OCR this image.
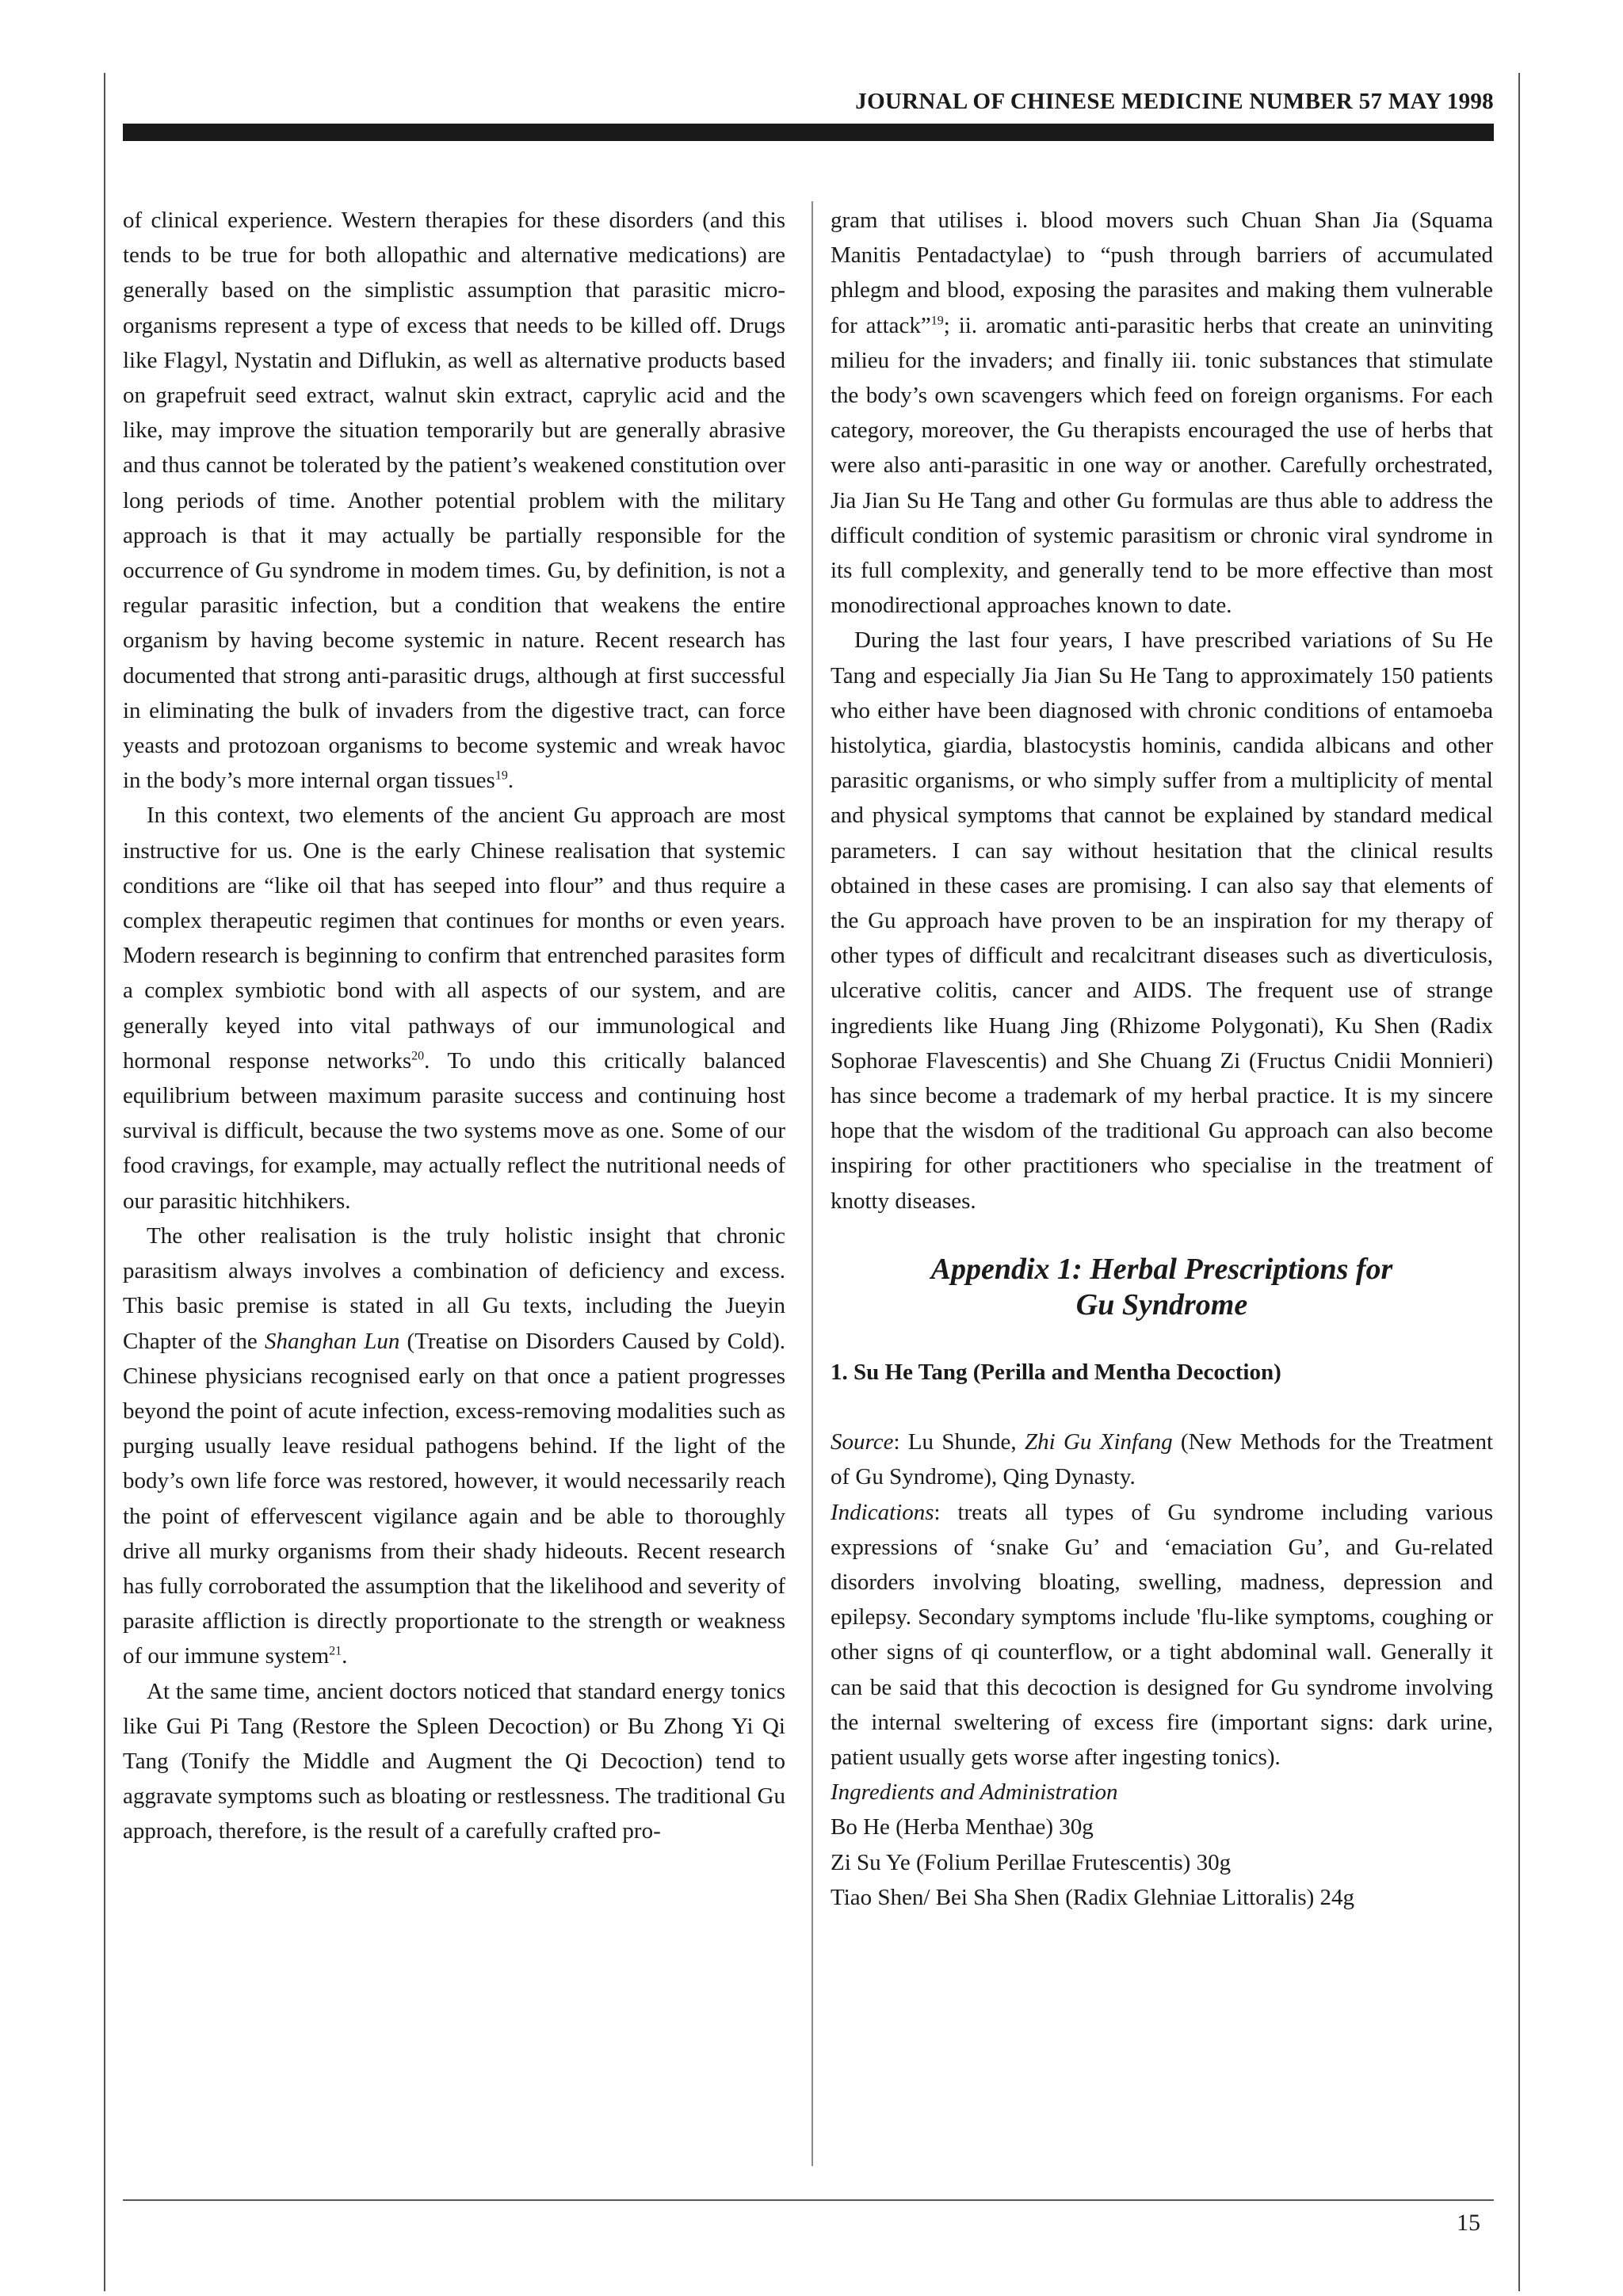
JOURNAL OF CHINESE MEDICINE NUMBER 57 MAY 1998

of clinical experience. Western therapies for these disorders (and this tends to be true for both allopathic and alternative medications) are generally based on the simplistic assumption that parasitic micro-organisms represent a type of excess that needs to be killed off. Drugs like Flagyl, Nystatin and Diflukin, as well as alternative products based on grapefruit seed extract, walnut skin extract, caprylic acid and the like, may improve the situation temporarily but are generally abrasive and thus cannot be tolerated by the patient’s weakened constitution over long periods of time. Another potential problem with the military approach is that it may actually be partially responsible for the occurrence of Gu syndrome in modem times. Gu, by definition, is not a regular parasitic infection, but a condition that weakens the entire organism by having become systemic in nature. Recent research has documented that strong anti-parasitic drugs, although at first successful in eliminating the bulk of invaders from the digestive tract, can force yeasts and protozoan organisms to become systemic and wreak havoc in the body’s more internal organ tissues$^{19}$.

In this context, two elements of the ancient Gu approach are most instructive for us. One is the early Chinese realisation that systemic conditions are “like oil that has seeped into flour” and thus require a complex therapeutic regimen that continues for months or even years. Modern research is beginning to confirm that entrenched parasites form a complex symbiotic bond with all aspects of our system, and are generally keyed into vital pathways of our immunological and hormonal response networks$^{20}$. To undo this critically balanced equilibrium between maximum parasite success and continuing host survival is difficult, because the two systems move as one. Some of our food cravings, for example, may actually reflect the nutritional needs of our parasitic hitchhikers.

The other realisation is the truly holistic insight that chronic parasitism always involves a combination of deficiency and excess. This basic premise is stated in all Gu texts, including the Jueyin Chapter of the Shanghan Lun (Treatise on Disorders Caused by Cold). Chinese physicians recognised early on that once a patient progresses beyond the point of acute infection, excess-removing modalities such as purging usually leave residual pathogens behind. If the light of the body’s own life force was restored, however, it would necessarily reach the point of effervescent vigilance again and be able to thoroughly drive all murky organisms from their shady hideouts. Recent research has fully corroborated the assumption that the likelihood and severity of parasite affliction is directly proportionate to the strength or weakness of our immune system$^{21}$.

At the same time, ancient doctors noticed that standard energy tonics like Gui Pi Tang (Restore the Spleen Decoction) or Bu Zhong Yi Qi Tang (Tonify the Middle and Augment the Qi Decoction) tend to aggravate symptoms such as bloating or restlessness. The traditional Gu approach, therefore, is the result of a carefully crafted pro-

gram that utilises i. blood movers such Chuan Shan Jia (Squama Manitis Pentadactylae) to “push through barriers of accumulated phlegm and blood, exposing the parasites and making them vulnerable for attack”$^{19}$; ii. aromatic anti-parasitic herbs that create an uninviting milieu for the invaders; and finally iii. tonic substances that stimulate the body’s own scavengers which feed on foreign organisms. For each category, moreover, the Gu therapists encouraged the use of herbs that were also anti-parasitic in one way or another. Carefully orchestrated, Jia Jian Su He Tang and other Gu formulas are thus able to address the difficult condition of systemic parasitism or chronic viral syndrome in its full complexity, and generally tend to be more effective than most monodirectional approaches known to date.

During the last four years, I have prescribed variations of Su He Tang and especially Jia Jian Su He Tang to approximately 150 patients who either have been diagnosed with chronic conditions of entamoeba histolytica, giardia, blastocystis hominis, candida albicans and other parasitic organisms, or who simply suffer from a multiplicity of mental and physical symptoms that cannot be explained by standard medical parameters. I can say without hesitation that the clinical results obtained in these cases are promising. I can also say that elements of the Gu approach have proven to be an inspiration for my therapy of other types of difficult and recalcitrant diseases such as diverticulosis, ulcerative colitis, cancer and AIDS. The frequent use of strange ingredients like Huang Jing (Rhizome Polygonati), Ku Shen (Radix Sophorae Flavescentis) and She Chuang Zi (Fructus Cnidii Monnieri) has since become a trademark of my herbal practice. It is my sincere hope that the wisdom of the traditional Gu approach can also become inspiring for other practitioners who specialise in the treatment of knotty diseases.

Appendix 1: Herbal Prescriptions for
Gu Syndrome
1. Su He Tang (Perilla and Mentha Decoction)

Source: Lu Shunde, Zhi Gu Xinfang (New Methods for the Treatment of Gu Syndrome), Qing Dynasty.

Indications: treats all types of Gu syndrome including various expressions of ‘snake Gu’ and ‘emaciation Gu’, and Gu-related disorders involving bloating, swelling, madness, depression and epilepsy. Secondary symptoms include 'flu-like symptoms, coughing or other signs of qi counterflow, or a tight abdominal wall. Generally it can be said that this decoction is designed for Gu syndrome involving the internal sweltering of excess fire (important signs: dark urine, patient usually gets worse after ingesting tonics).

Ingredients and Administration
Bo He (Herba Menthae) 30g
Zi Su Ye (Folium Perillae Frutescentis) 30g
Tiao Shen/ Bei Sha Shen (Radix Glehniae Littoralis) 24g
15
